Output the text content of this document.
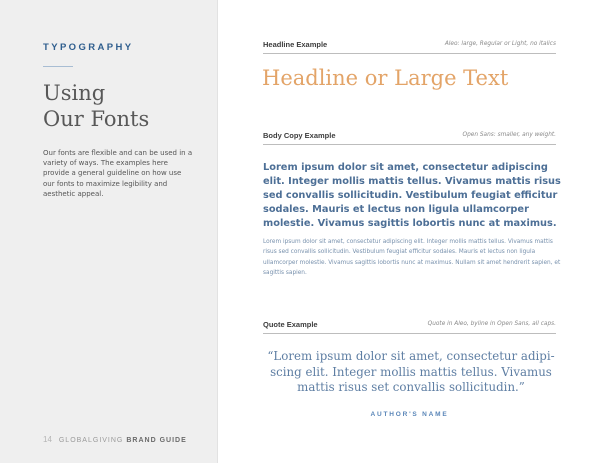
TYPOGRAPHY
Using
Our Fonts

Our fonts are flexible and can be used in a variety of ways. The examples here provide a general guideline on how use our fonts to maximize legibility and aesthetic appeal.

14 GLOBALGIVING BRAND GUIDE
Headline Example	Aleo: large, Regular or Light, no italics
Headline or Large Text
Body Copy Example	Open Sans: smaller, any weight.

Lorem ipsum dolor sit amet, consectetur adipiscing elit. Integer mollis mattis tellus. Vivamus mattis risus sed convallis sollicitudin. Vestibulum feugiat efficitur sodales. Mauris et lectus non ligula ullamcorper molestie. Vivamus sagittis lobortis nunc at maximus.

Lorem ipsum dolor sit amet, consectetur adipiscing elit. Integer mollis mattis tellus. Vivamus mattis risus sed convallis sollicitudin. Vestibulum feugiat efficitur sodales. Mauris et lectus non ligula ullamcorper molestie. Vivamus sagittis lobortis nunc at maximus. Nullam sit amet hendrerit sapien, et sagittis sapien.

Quote Example	Quote in Aleo, byline in Open Sans, all caps.

“Lorem ipsum dolor sit amet, consectetur adipi-scing elit. Integer mollis mattis tellus. Vivamus mattis risus set convallis sollicitudin.”

AUTHOR'S NAME
